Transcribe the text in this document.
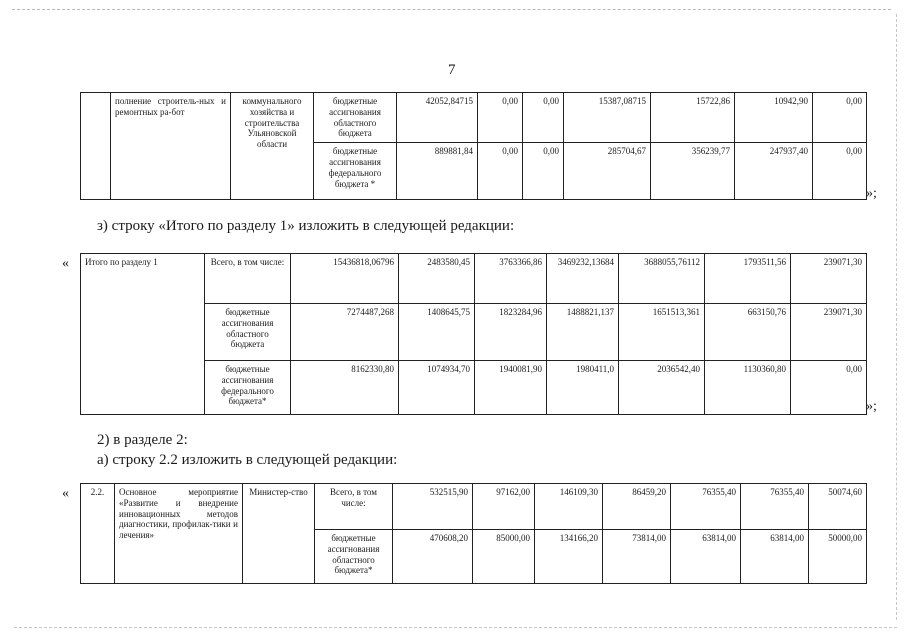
7
	полнение строитель-ных и ремонтных ра-бот	коммунального хозяйства и строительства Ульяновской области	бюджетные ассигнования областного бюджета	42052,84715	0,00	0,00	15387,08715	15722,86	10942,90	0,00
			бюджетные ассигнования федерального бюджета *	889881,84	0,00	0,00	285704,67	356239,77	247937,40	0,00
»;
з) строку «Итого по разделу 1» изложить в следующей редакции:
« Итого по разделу 1	Всего, в том числе:	15436818,06796	2483580,45	3763366,86	3469232,13684	3688055,76112	1793511,56	239071,30
	бюджетные ассигнования областного бюджета	7274487,268	1408645,75	1823284,96	1488821,137	1651513,361	663150,76	239071,30
	бюджетные ассигнования федерального бюджета*	8162330,80	1074934,70	1940081,90	1980411,0	2036542,40	1130360,80	0,00
»;
2) в разделе 2:
а) строку 2.2 изложить в следующей редакции:
« 2.2.	Основное мероприятие «Развитие и внедрение инновационных методов диагностики, профилак-тики и лечения»	Министер-ство	Всего, в том числе:	532515,90	97162,00	146109,30	86459,20	76355,40	76355,40	50074,60
			бюджетные ассигнования областного бюджета*	470608,20	85000,00	134166,20	73814,00	63814,00	63814,00	50000,00
